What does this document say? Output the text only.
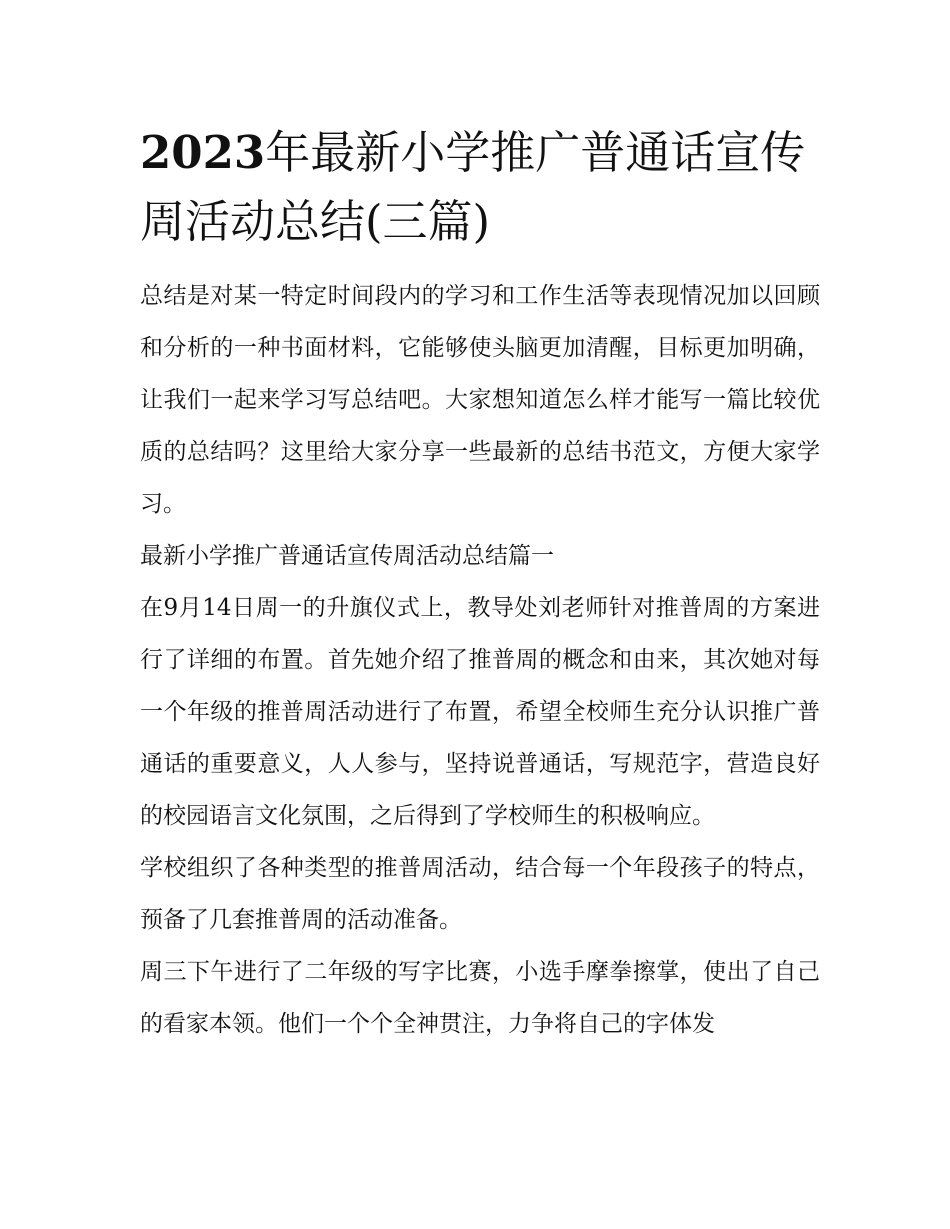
2023年最新小学推广普通话宣传周活动总结(三篇)

总结是对某一特定时间段内的学习和工作生活等表现情况加以回顾和分析的一种书面材料，它能够使头脑更加清醒，目标更加明确，让我们一起来学习写总结吧。大家想知道怎么样才能写一篇比较优质的总结吗？这里给大家分享一些最新的总结书范文，方便大家学习。

最新小学推广普通话宣传周活动总结篇一

在9月14日周一的升旗仪式上，教导处刘老师针对推普周的方案进行了详细的布置。首先她介绍了推普周的概念和由来，其次她对每一个年级的推普周活动进行了布置，希望全校师生充分认识推广普通话的重要意义，人人参与，坚持说普通话，写规范字，营造良好的校园语言文化氛围，之后得到了学校师生的积极响应。

学校组织了各种类型的推普周活动，结合每一个年段孩子的特点，预备了几套推普周的活动准备。

周三下午进行了二年级的写字比赛，小选手摩拳擦掌，使出了自己的看家本领。他们一个个全神贯注，力争将自己的字体发
